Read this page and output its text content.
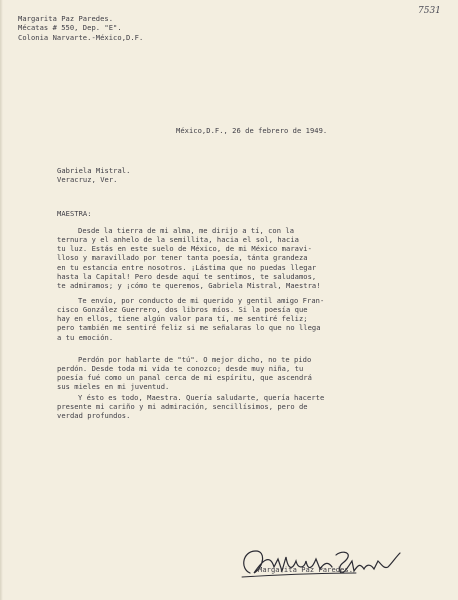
7531
Margarita Paz Paredes.
Mécatas # 550, Dep. "E".
Colonia Narvarte.-México,D.F.
México,D.F., 26 de febrero de 1949.
Gabriela Mistral.
Veracruz, Ver.
MAESTRA:
Desde la tierra de mi alma, me dirijo a tí, con la
ternura y el anhelo de la semillita, hacia el sol, hacia
tu luz. Estás en este suelo de México, de mi México maravi-
lloso y maravillado por tener tanta poesía, tánta grandeza
en tu estancia entre nosotros. ¡Lástima que no puedas llegar
hasta la Capital! Pero desde aquí te sentimos, te saludamos,
te admiramos; y ¡cómo te queremos, Gabriela Mistral, Maestra!
Te envío, por conducto de mi querido y gentil amigo Fran-
cisco González Guerrero, dos libros míos. Si la poesía que
hay en ellos, tiene algún valor para tí, me sentiré feliz;
pero también me sentiré feliz si me señalaras lo que no llega
a tu emoción.
Perdón por hablarte de "tú". O mejor dicho, no te pido
perdón. Desde toda mi vida te conozco; desde muy niña, tu
poesía fué como un panal cerca de mi espíritu, que ascendrá
sus mieles en mi juventud.
Y ésto es todo, Maestra. Quería saludarte, quería hacerte
presente mi cariño y mi admiración, sencillísimos, pero de
verdad profundos.
Margarita Paz Paredes.
